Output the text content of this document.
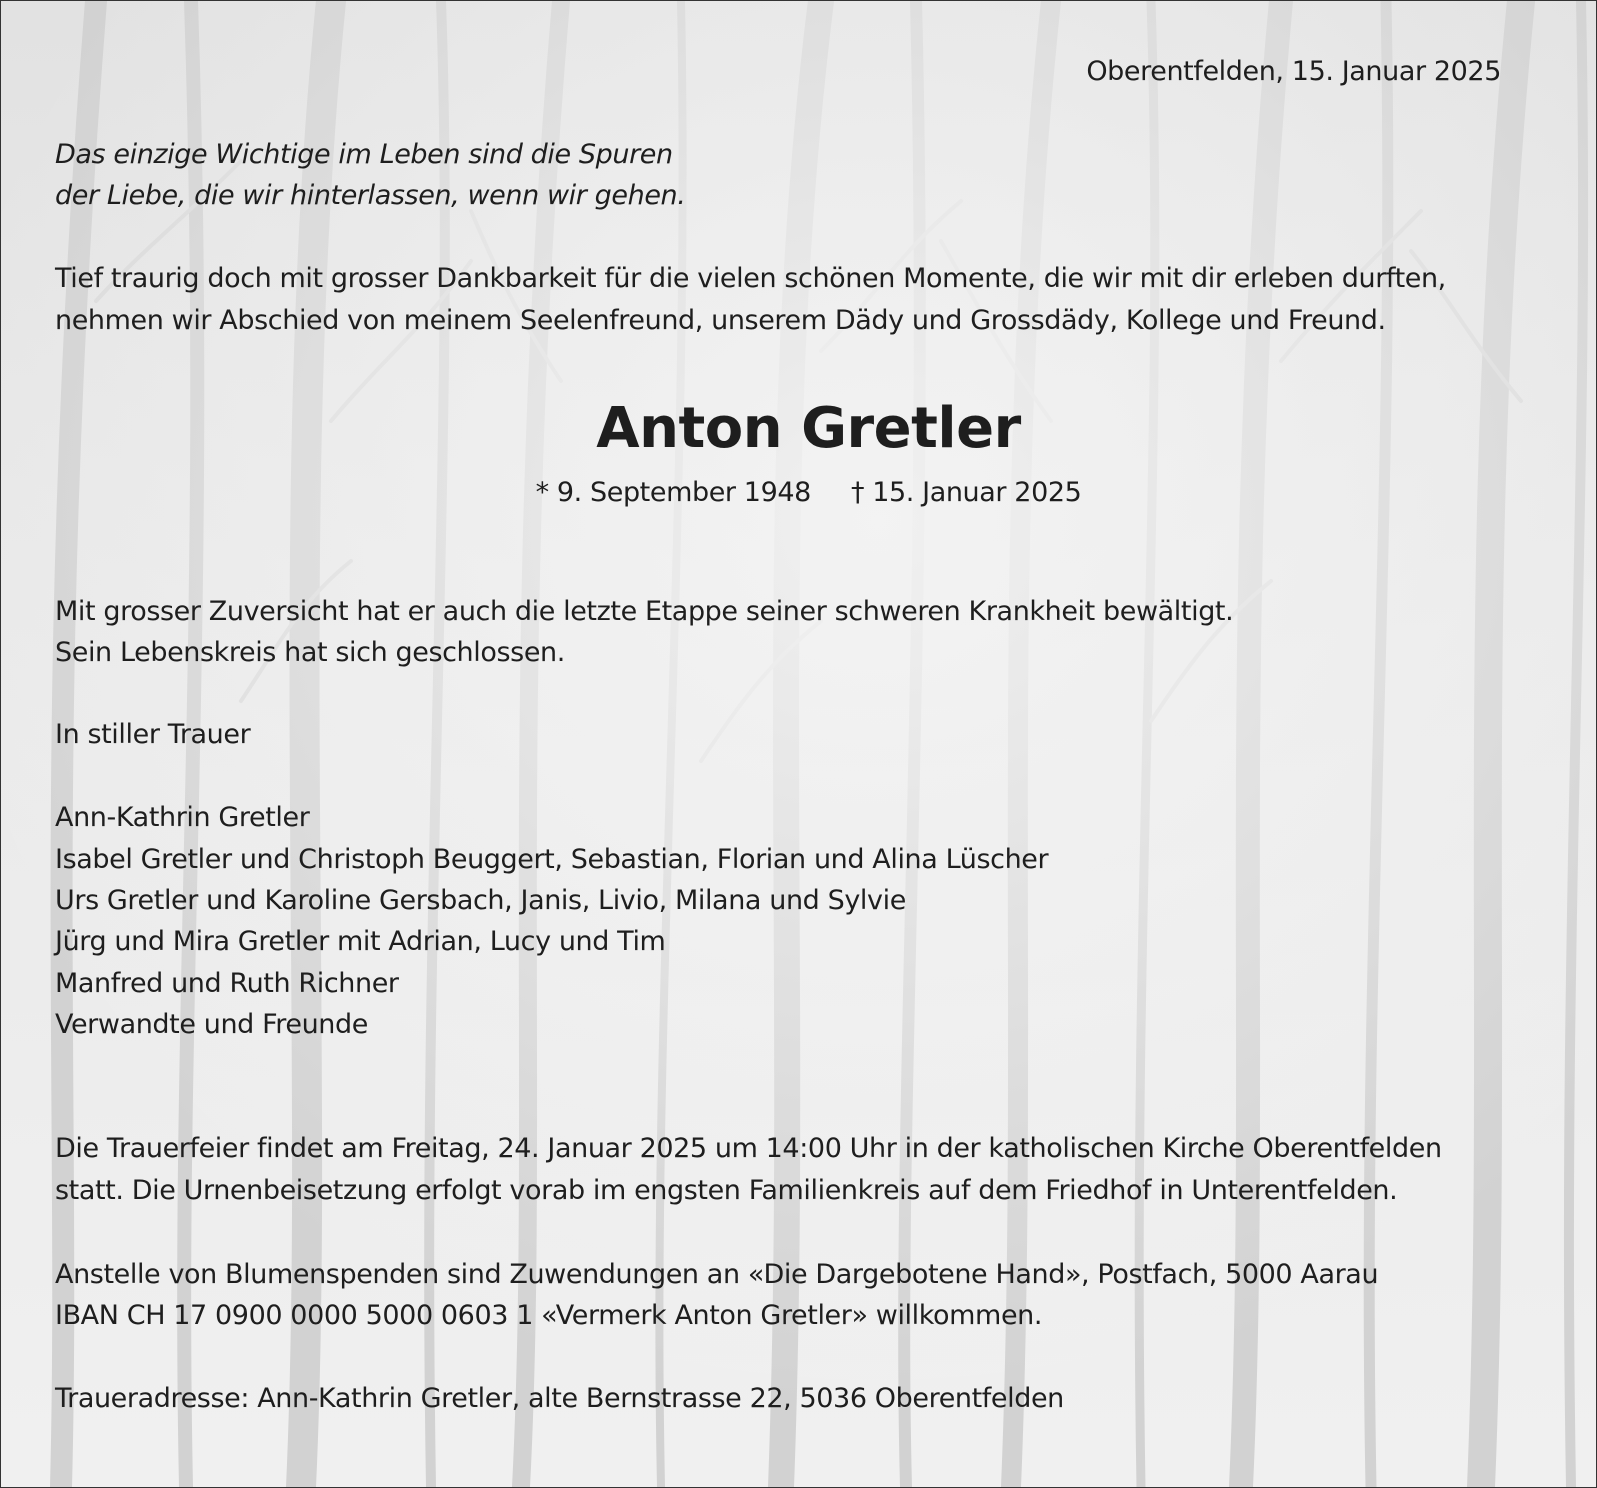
Oberentfelden, 15. Januar 2025
Das einzige Wichtige im Leben sind die Spuren
der Liebe, die wir hinterlassen, wenn wir gehen.
Tief traurig doch mit grosser Dankbarkeit für die vielen schönen Momente, die wir mit dir erleben durften,
nehmen wir Abschied von meinem Seelenfreund, unserem Dädy und Grossdädy, Kollege und Freund.
Anton Gretler
* 9. September 1948 † 15. Januar 2025
Mit grosser Zuversicht hat er auch die letzte Etappe seiner schweren Krankheit bewältigt.
Sein Lebenskreis hat sich geschlossen.
In stiller Trauer
Ann-Kathrin Gretler
Isabel Gretler und Christoph Beuggert, Sebastian, Florian und Alina Lüscher
Urs Gretler und Karoline Gersbach, Janis, Livio, Milana und Sylvie
Jürg und Mira Gretler mit Adrian, Lucy und Tim
Manfred und Ruth Richner
Verwandte und Freunde
Die Trauerfeier findet am Freitag, 24. Januar 2025 um 14:00 Uhr in der katholischen Kirche Oberentfelden
statt. Die Urnenbeisetzung erfolgt vorab im engsten Familienkreis auf dem Friedhof in Unterentfelden.
Anstelle von Blumenspenden sind Zuwendungen an «Die Dargebotene Hand», Postfach, 5000 Aarau
IBAN CH 17 0900 0000 5000 0603 1 «Vermerk Anton Gretler» willkommen.
Traueradresse: Ann-Kathrin Gretler, alte Bernstrasse 22, 5036 Oberentfelden
